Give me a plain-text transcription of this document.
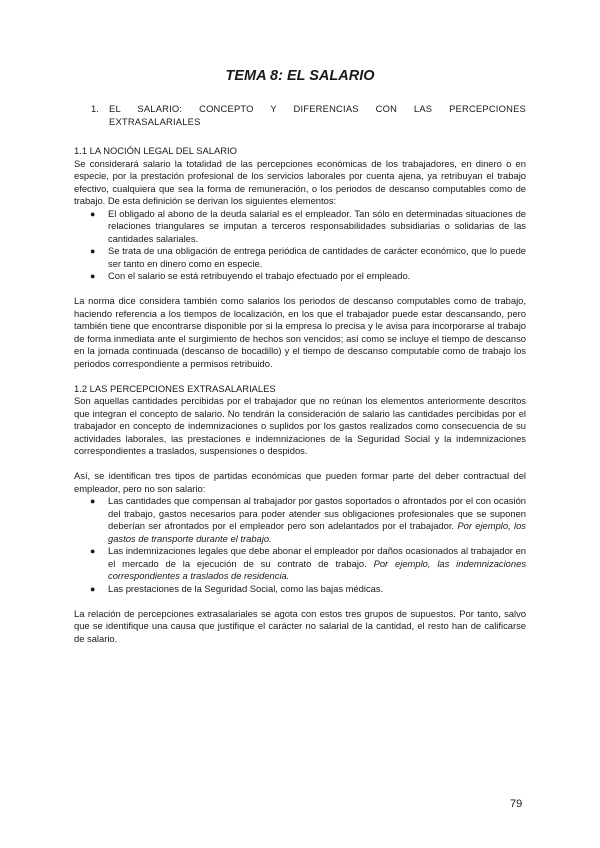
TEMA 8: EL SALARIO
1.	EL SALARIO: CONCEPTO Y DIFERENCIAS CON LAS PERCEPCIONES
EXTRASALARIALES
1.1 LA NOCIÓN LEGAL DEL SALARIO

Se considerará salario la totalidad de las percepciones económicas de los trabajadores, en dinero o en especie, por la prestación profesional de los servicios laborales por cuenta ajena, ya retribuyan el trabajo efectivo, cualquiera que sea la forma de remuneración, o los periodos de descanso computables como de trabajo. De esta definición se derivan los siguientes elementos:

● El obligado al abono de la deuda salarial es el empleador. Tan sólo en determinadas situaciones de relaciones triangulares se imputan a terceros responsabilidades subsidiarias o solidarias de las cantidades salariales.
● Se trata de una obligación de entrega periódica de cantidades de carácter económico, que lo puede ser tanto en dinero como en especie.
● Con el salario se está retribuyendo el trabajo efectuado por el empleado.

La norma dice considera también como salarios los periodos de descanso computables como de trabajo, haciendo referencia a los tiempos de localización, en los que el trabajador puede estar descansando, pero también tiene que encontrarse disponible por si la empresa lo precisa y le avisa para incorporarse al trabajo de forma inmediata ante el surgimiento de hechos son vencidos; así como se incluye el tiempo de descanso en la jornada continuada (descanso de bocadillo) y el tiempo de descanso computable como de trabajo los periodos correspondiente a permisos retribuido.

1.2 LAS PERCEPCIONES EXTRASALARIALES

Son aquellas cantidades percibidas por el trabajador que no reúnan los elementos anteriormente descritos que integran el concepto de salario. No tendrán la consideración de salario las cantidades percibidas por el trabajador en concepto de indemnizaciones o suplidos por los gastos realizados como consecuencia de su actividades laborales, las prestaciones e indemnizaciones de la Seguridad Social y la indemnizaciones correspondientes a traslados, suspensiones o despidos.

Así, se identifican tres tipos de partidas económicas que pueden formar parte del deber contractual del empleador, pero no son salario:

● Las cantidades que compensan al trabajador por gastos soportados o afrontados por el con ocasión del trabajo, gastos necesarios para poder atender sus obligaciones profesionales que se suponen deberían ser afrontados por el empleador pero son adelantados por el trabajador. Por ejemplo, los gastos de transporte durante el trabajo.
● Las indemnizaciones legales que debe abonar el empleador por daños ocasionados al trabajador en el mercado de la ejecución de su contrato de trabajo. Por ejemplo, las indemnizaciones correspondientes a traslados de residencia.
● Las prestaciones de la Seguridad Social, como las bajas médicas.

La relación de percepciones extrasalariales se agota con estos tres grupos de supuestos. Por tanto, salvo que se identifique una causa que justifique el carácter no salarial de la cantidad, el resto han de calificarse de salario.

79
